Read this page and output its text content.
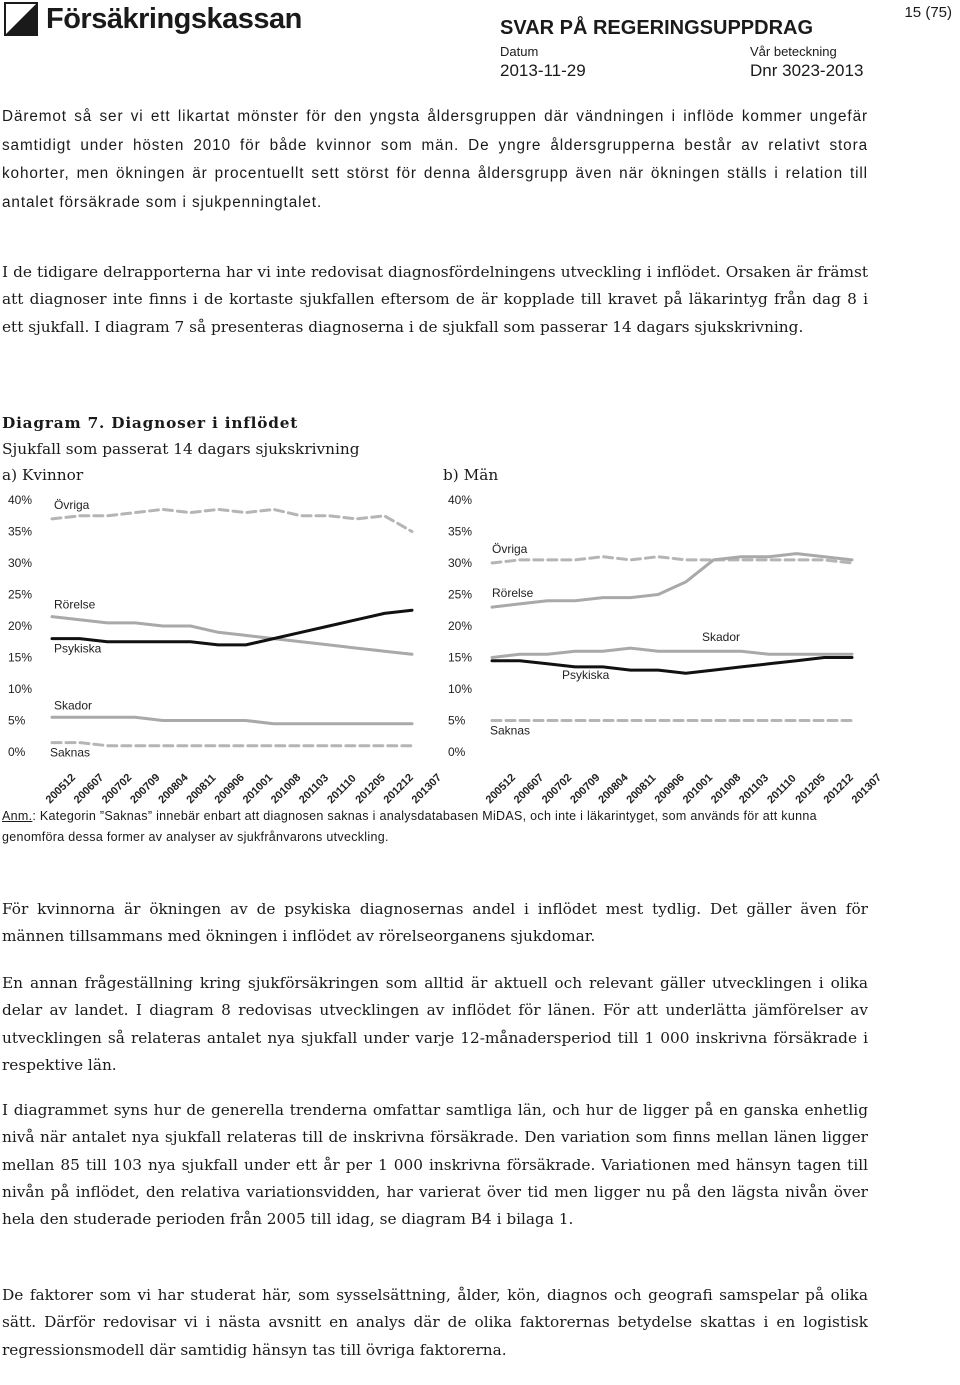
Försäkringskassan	SVAR PÅ REGERINGSUPPDRAG
Datum	Vår beteckning
2013-11-29	Dnr 3023-2013
15 (75)

Däremot så ser vi ett likartat mönster för den yngsta åldersgruppen där vändningen i inflöde kommer ungefär samtidigt under hösten 2010 för både kvinnor som män. De yngre åldersgrupperna består av relativt stora kohorter, men ökningen är procentuellt sett störst för denna åldersgrupp även när ökningen ställs i relation till antalet försäkrade som i sjukpenningtalet.

I de tidigare delrapporterna har vi inte redovisat diagnosfördelningens utveckling i inflödet. Orsaken är främst att diagnoser inte finns i de kortaste sjukfallen eftersom de är kopplade till kravet på läkarintyg från dag 8 i ett sjukfall. I diagram 7 så presenteras diagnoserna i de sjukfall som passerar 14 dagars sjukskrivning.

Diagram 7. Diagnoser i inflödet
Sjukfall som passerat 14 dagars sjukskrivning
a) Kvinnor	b) Män
0%
5%
10%
15%
20%
25%
30%
35%
40%
200512
200607
200702
200709
200804
200811
200906
201001
201008
201103
201110
201205
201212
201307
Övriga
Rörelse
Psykiska
Skador
Saknas	0%
5%
10%
15%
20%
25%
30%
35%
40%
200512
200607
200702
200709
200804
200811
200906
201001
201008
201103
201110
201205
201212
201307
Övriga
Rörelse
Skador
Psykiska
Saknas

Anm.: Kategorin ”Saknas” innebär enbart att diagnosen saknas i analysdatabasen MiDAS, och inte i läkarintyget, som används för att kunna genomföra dessa former av analyser av sjukfrånvarons utveckling.

För kvinnorna är ökningen av de psykiska diagnosernas andel i inflödet mest tydlig. Det gäller även för männen tillsammans med ökningen i inflödet av rörelseorganens sjukdomar.

En annan frågeställning kring sjukförsäkringen som alltid är aktuell och relevant gäller utvecklingen i olika delar av landet. I diagram 8 redovisas utvecklingen av inflödet för länen. För att underlätta jämförelser av utvecklingen så relateras antalet nya sjukfall under varje 12-månadersperiod till 1 000 inskrivna försäkrade i respektive län.

I diagrammet syns hur de generella trenderna omfattar samtliga län, och hur de ligger på en ganska enhetlig nivå när antalet nya sjukfall relateras till de inskrivna försäkrade. Den variation som finns mellan länen ligger mellan 85 till 103 nya sjukfall under ett år per 1 000 inskrivna försäkrade. Variationen med hänsyn tagen till nivån på inflödet, den relativa variationsvidden, har varierat över tid men ligger nu på den lägsta nivån över hela den studerade perioden från 2005 till idag, se diagram B4 i bilaga 1.

De faktorer som vi har studerat här, som sysselsättning, ålder, kön, diagnos och geografi samspelar på olika sätt. Därför redovisar vi i nästa avsnitt en analys där de olika faktorernas betydelse skattas i en logistisk regressionsmodell där samtidig hänsyn tas till övriga faktorerna.
